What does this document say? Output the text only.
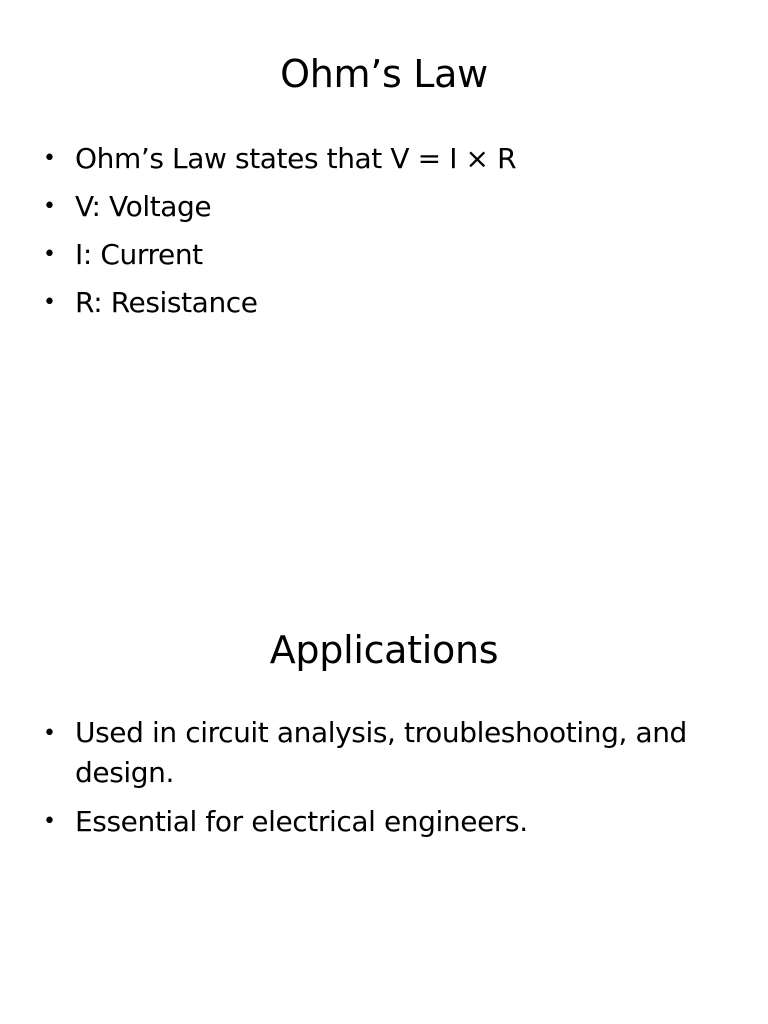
Ohm’s Law
• Ohm’s Law states that V = I × R
• V: Voltage
• I: Current
• R: Resistance
Applications
• Used in circuit analysis, troubleshooting, and design.
• Essential for electrical engineers.
